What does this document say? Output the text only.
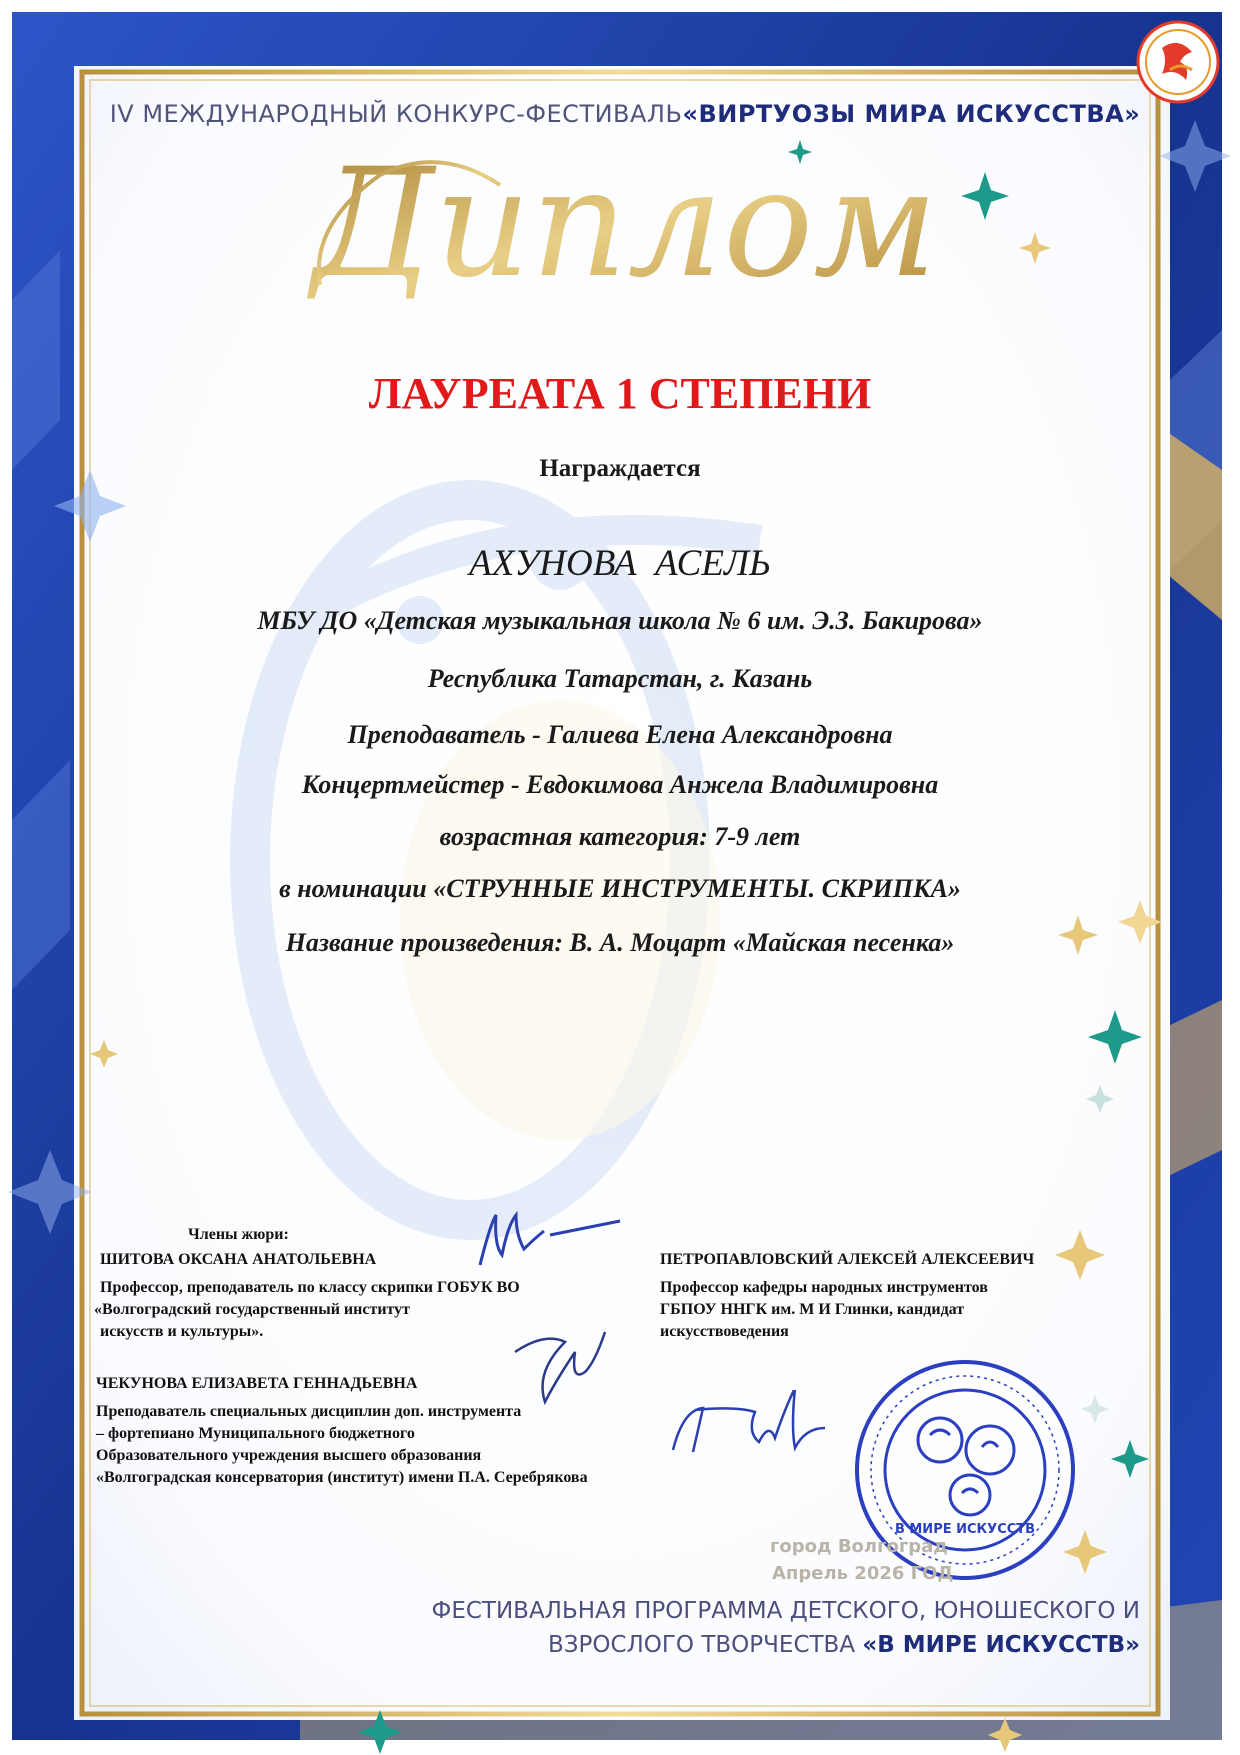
IV МЕЖДУНАРОДНЫЙ КОНКУРС-ФЕСТИВАЛЬ«ВИРТУОЗЫ МИРА ИСКУССТВА»
Диплом
ЛАУРЕАТА 1 СТЕПЕНИ
Награждается
АХУНОВА  АСЕЛЬ
МБУ ДО «Детская музыкальная школа № 6 им. Э.З. Бакирова»
Республика Татарстан, г. Казань
Преподаватель - Галиева Елена Александровна
Концертмейстер - Евдокимова Анжела Владимировна
возрастная категория: 7-9 лет
в номинации «СТРУННЫЕ ИНСТРУМЕНТЫ. СКРИПКА»
Название произведения: В. А. Моцарт «Майская песенка»
Члены жюри:
ШИТОВА ОКСАНА АНАТОЛЬЕВНА
Профессор, преподаватель по классу скрипки ГОБУК ВО
«Волгоградский государственный институт
искусств и культуры».
ЧЕКУНОВА ЕЛИЗАВЕТА ГЕННАДЬЕВНА
Преподаватель специальных дисциплин доп. инструмента
– фортепиано Муниципального бюджетного
Образовательного учреждения высшего образования
«Волгоградская консерватория (институт) имени П.А. Серебрякова
ПЕТРОПАВЛОВСКИЙ АЛЕКСЕЙ АЛЕКСЕЕВИЧ
Профессор кафедры народных инструментов
ГБПОУ ННГК им. М И Глинки, кандидат
искусствоведения
В МИРЕ ИСКУССТВ
город Волгоград
Апрель 2026 ГОД
ФЕСТИВАЛЬНАЯ ПРОГРАММА ДЕТСКОГО, ЮНОШЕСКОГО И
ВЗРОСЛОГО ТВОРЧЕСТВА «В МИРЕ ИСКУССТВ»
